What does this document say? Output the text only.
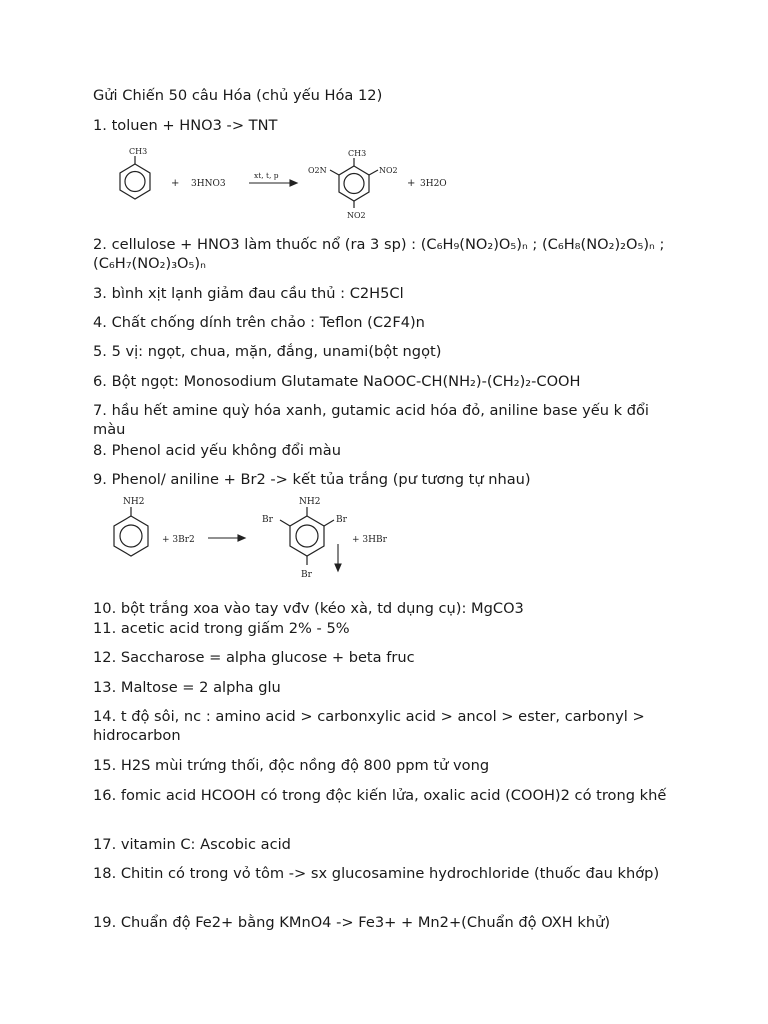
Gửi Chiến 50 câu Hóa (chủ yếu Hóa 12)

1. toluen + HNO3 -> TNT

CH3
+ 3HNO3
xt, t, p
CH3
O2N	NO2
NO2
+ 3H2O

2. cellulose + HNO3 làm thuốc nổ (ra 3 sp) : (C₆H₉(NO₂)O₅)ₙ ; (C₆H₈(NO₂)₂O₅)ₙ ;(C₆H₇(NO₂)₃O₅)ₙ

3. bình xịt lạnh giảm đau cầu thủ : C2H5Cl

4. Chất chống dính trên chảo : Teflon (C2F4)n

5. 5 vị: ngọt, chua, mặn, đắng, unami(bột ngọt)

6. Bột ngọt: Monosodium Glutamate NaOOC-CH(NH₂)-(CH₂)₂-COOH

7. hầu hết amine quỳ hóa xanh, gutamic acid hóa đỏ, aniline base yếu k đổi màu

8. Phenol acid yếu không đổi màu

9. Phenol/ aniline + Br2 -> kết tủa trắng (pư tương tự nhau)

NH2
+ 3Br2
NH2
Br	Br
Br
+ 3HBr

10. bột trắng xoa vào tay vđv (kéo xà, td dụng cụ): MgCO3

11. acetic acid trong giấm 2% - 5%

12. Saccharose = alpha glucose + beta fruc

13. Maltose = 2 alpha glu

14. t độ sôi, nc : amino acid > carbonxylic acid > ancol > ester, carbonyl > hidrocarbon

15. H2S mùi trứng thối, độc nồng độ 800 ppm tử vong

16. fomic acid HCOOH có trong độc kiến lửa, oxalic acid (COOH)2 có trong khế

17. vitamin C: Ascobic acid

18. Chitin có trong vỏ tôm -> sx glucosamine hydrochloride (thuốc đau khớp)

19. Chuẩn độ Fe2+ bằng KMnO4 -> Fe3+ + Mn2+(Chuẩn độ OXH khử)
